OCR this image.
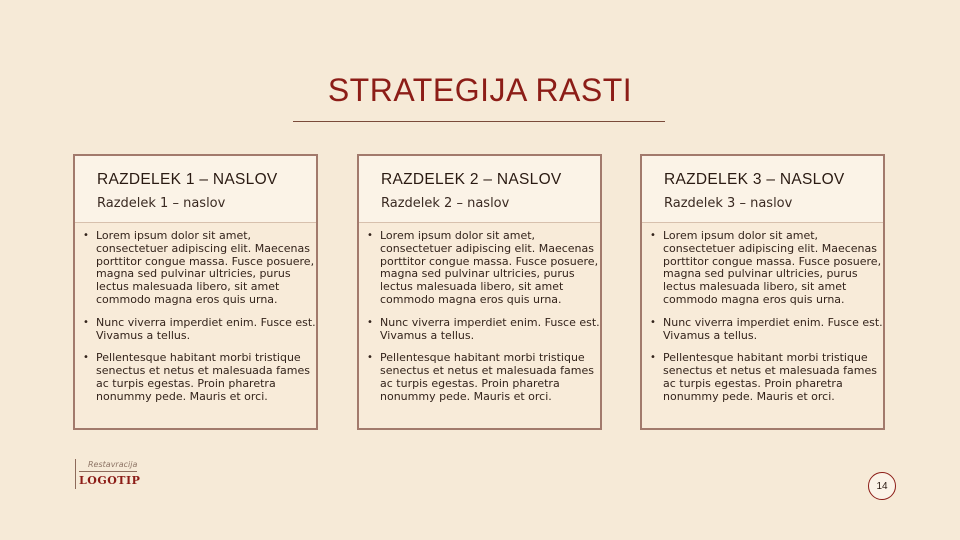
STRATEGIJA RASTI
RAZDELEK 1 – NASLOV
Razdelek 1 – naslov
• Lorem ipsum dolor sit amet, consectetuer adipiscing elit. Maecenas porttitor congue massa. Fusce posuere, magna sed pulvinar ultricies, purus lectus malesuada libero, sit amet commodo magna eros quis urna.
• Nunc viverra imperdiet enim. Fusce est. Vivamus a tellus.
• Pellentesque habitant morbi tristique senectus et netus et malesuada fames ac turpis egestas. Proin pharetra nonummy pede. Mauris et orci.
RAZDELEK 2 – NASLOV
Razdelek 2 – naslov
• Lorem ipsum dolor sit amet, consectetuer adipiscing elit. Maecenas porttitor congue massa. Fusce posuere, magna sed pulvinar ultricies, purus lectus malesuada libero, sit amet commodo magna eros quis urna.
• Nunc viverra imperdiet enim. Fusce est. Vivamus a tellus.
• Pellentesque habitant morbi tristique senectus et netus et malesuada fames ac turpis egestas. Proin pharetra nonummy pede. Mauris et orci.
RAZDELEK 3 – NASLOV
Razdelek 3 – naslov
• Lorem ipsum dolor sit amet, consectetuer adipiscing elit. Maecenas porttitor congue massa. Fusce posuere, magna sed pulvinar ultricies, purus lectus malesuada libero, sit amet commodo magna eros quis urna.
• Nunc viverra imperdiet enim. Fusce est. Vivamus a tellus.
• Pellentesque habitant morbi tristique senectus et netus et malesuada fames ac turpis egestas. Proin pharetra nonummy pede. Mauris et orci.
Restavracija
LOGOTIP	14
